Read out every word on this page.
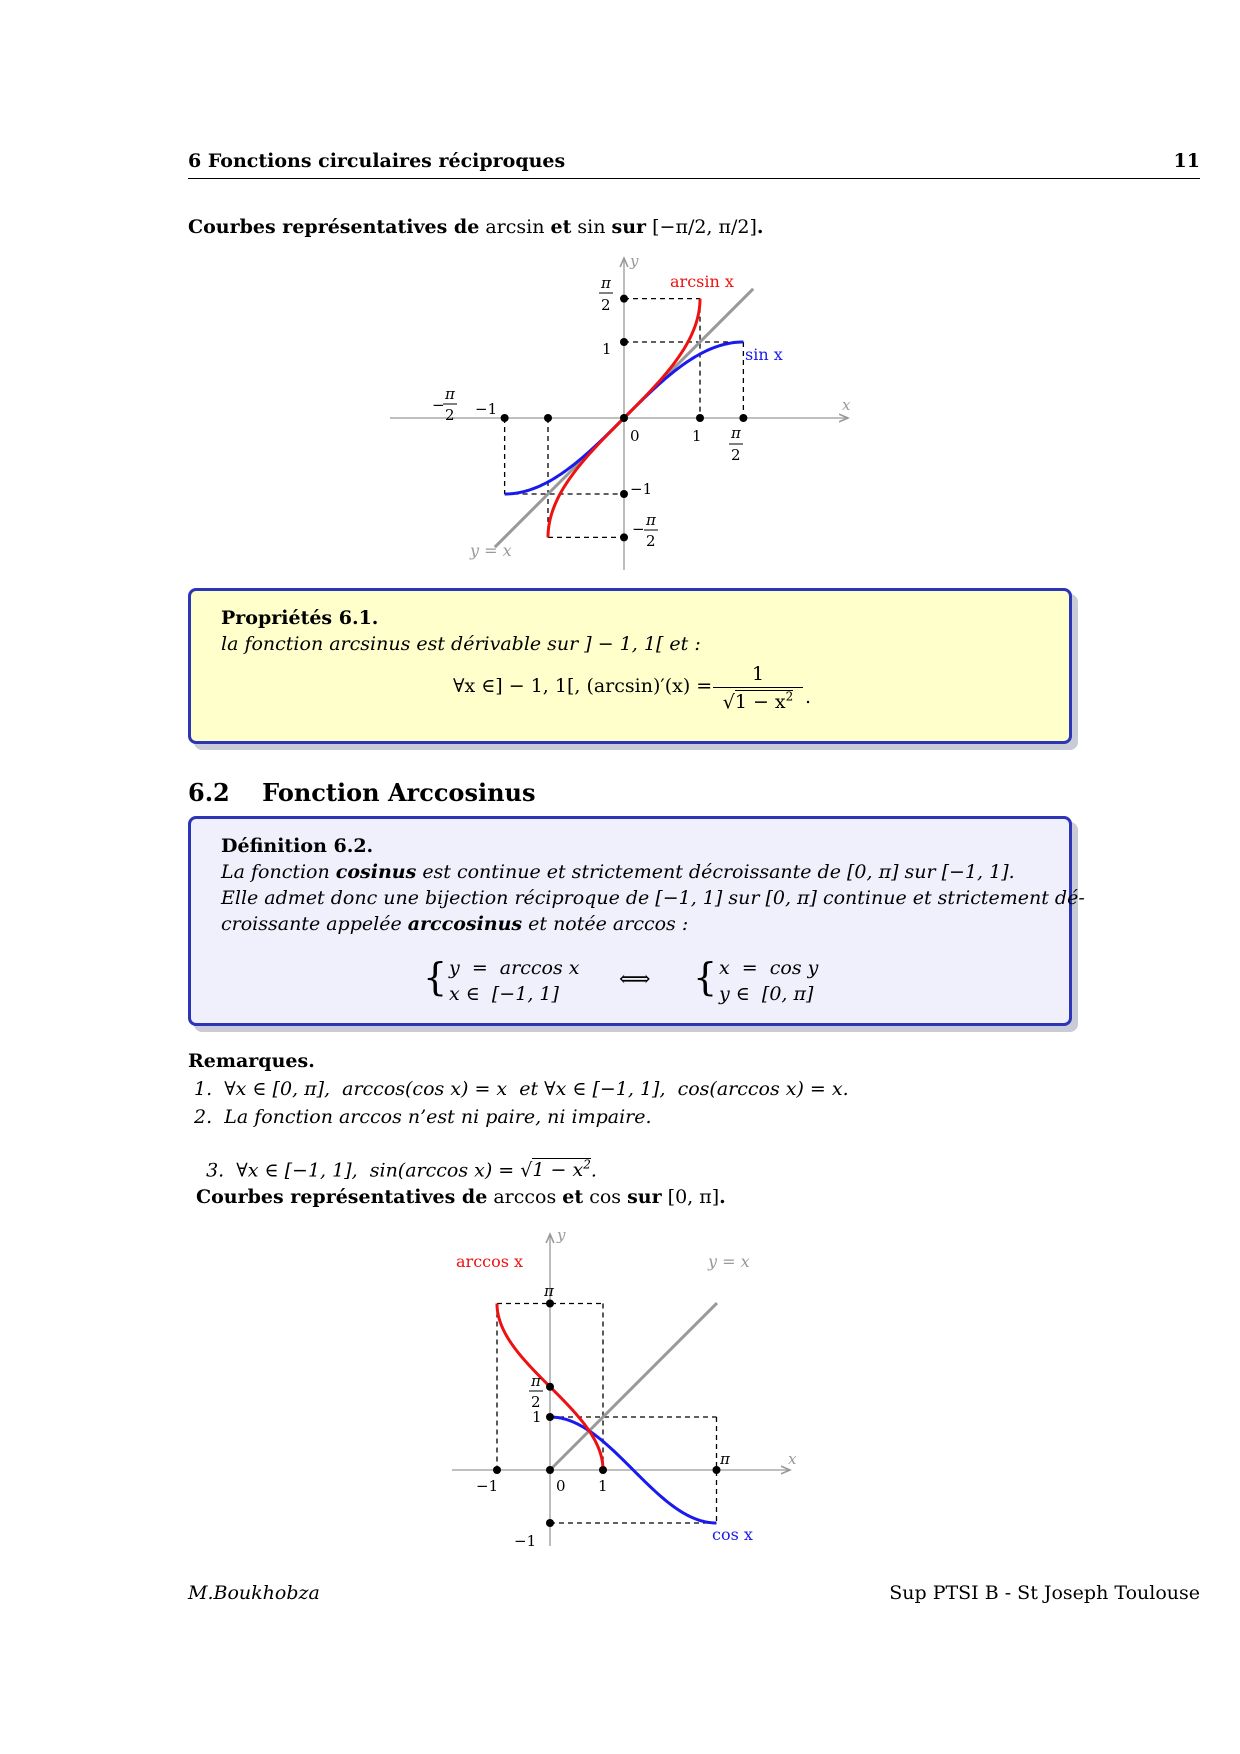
6 Fonctions circulaires réciproques	11
Courbes représentatives de arcsin et sin sur [−π/2, π/2].
x
y
arcsin x
sin x
y = x
π
2
1
−
π
2 −1
0	1 π
2
−1
− π
2
Propriétés 6.1.
la fonction arcsinus est dérivable sur ] − 1, 1[ et :
∀x ∈] − 1, 1[, $(\arcsin)'(x) = \frac{1}{√1 - x^2}$ .
6.2 Fonction Arccosinus
Définition 6.2.
La fonction cosinus est continue et strictement décroissante de [0, π] sur [−1, 1].
Elle admet donc une bijection réciproque de [−1, 1] sur [0, π] continue et strictement dé-
croissante appelée arccosinus et notée arccos :
{ y  =  arccos x
x ∈  [−1, 1]
⟺ { x  =  cos y
y ∈  [0, π]
Remarques.
1.  ∀x ∈ [0, π],  arccos(cos x) = x  et ∀x ∈ [−1, 1],  cos(arccos x) = x.
2.  La fonction arccos n’est ni paire, ni impaire.

3.  ∀x ∈ [−1, 1],  sin(arccos $x) = √1 - x^2$.

Courbes représentatives de arccos et cos sur [0, π].
x
y
arccos x
cos x
y = x
π
π
2
1
−1	0 1
π
−1
M.Boukhobza	Sup PTSI B - St Joseph Toulouse
